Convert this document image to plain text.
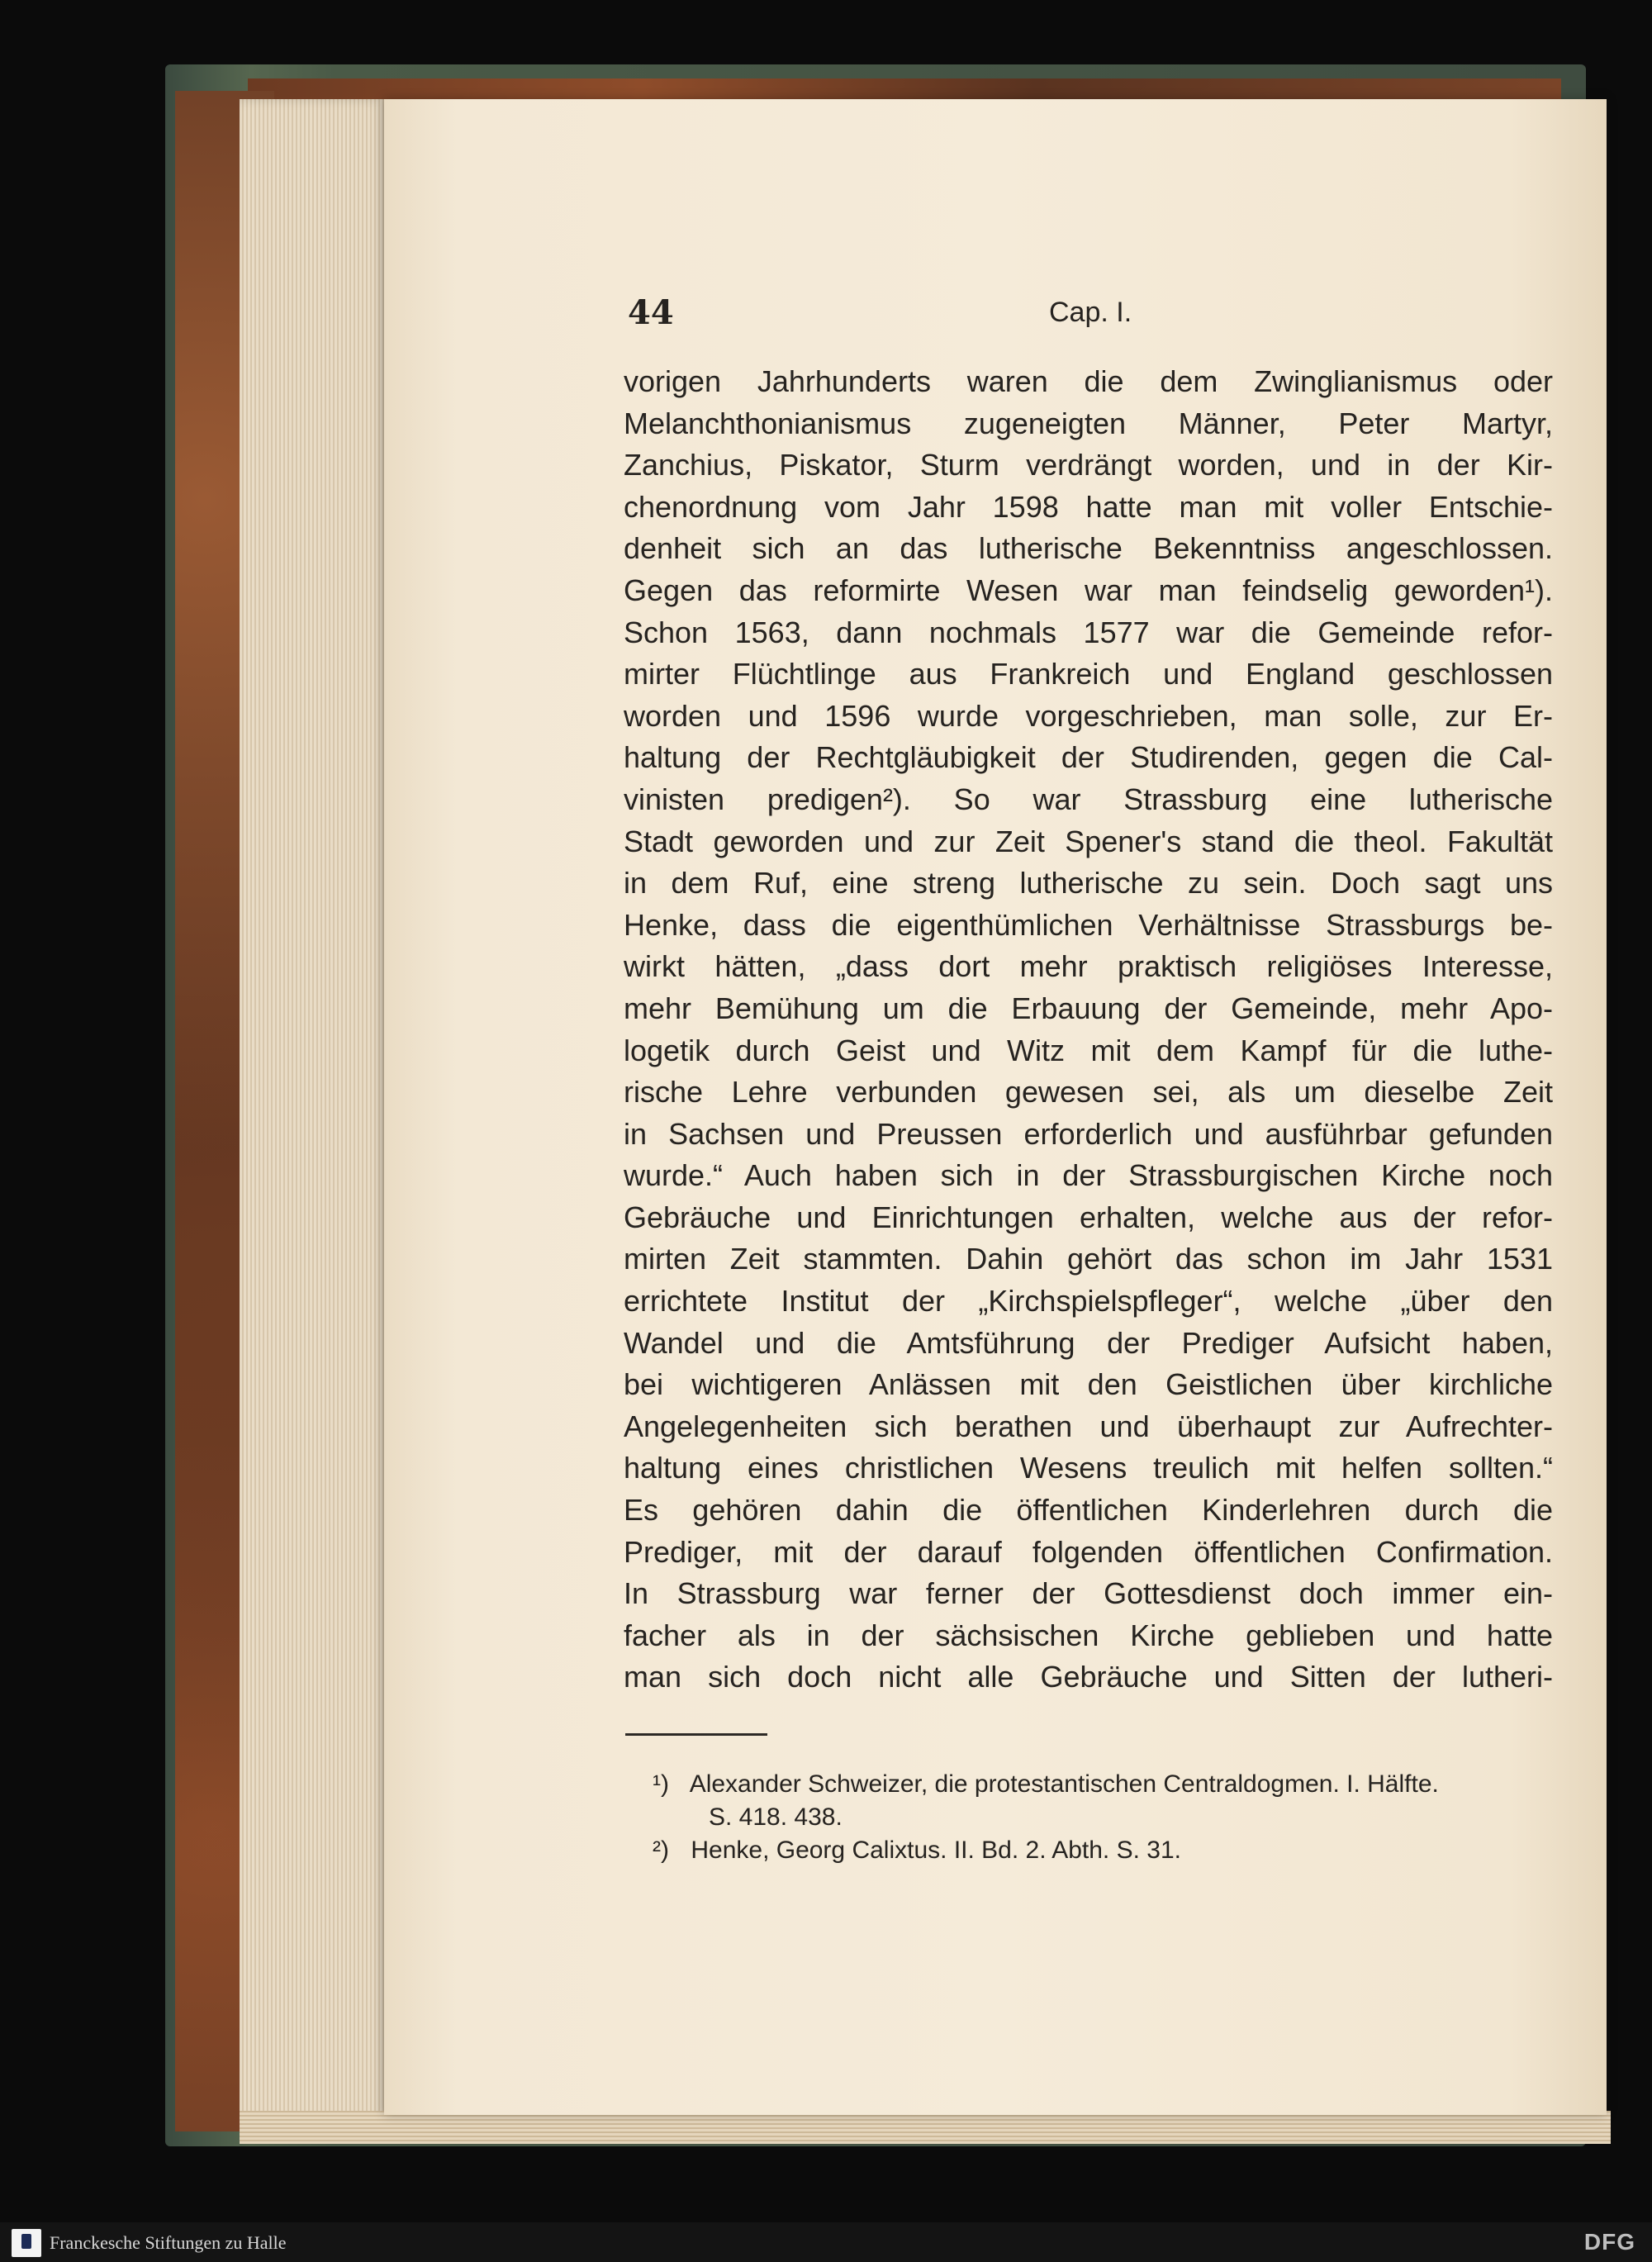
44	Cap. I.
vorigen Jahrhunderts waren die dem Zwinglianismus oder
Melanchthonianismus zugeneigten Männer, Peter Martyr,
Zanchius, Piskator, Sturm verdrängt worden, und in der Kir-
chenordnung vom Jahr 1598 hatte man mit voller Entschie-
denheit sich an das lutherische Bekenntniss angeschlossen.
Gegen das reformirte Wesen war man feindselig geworden¹).
Schon 1563, dann nochmals 1577 war die Gemeinde refor-
mirter Flüchtlinge aus Frankreich und England geschlossen
worden und 1596 wurde vorgeschrieben, man solle, zur Er-
haltung der Rechtgläubigkeit der Studirenden, gegen die Cal-
vinisten predigen²). So war Strassburg eine lutherische
Stadt geworden und zur Zeit Spener's stand die theol. Fakultät
in dem Ruf, eine streng lutherische zu sein. Doch sagt uns
Henke, dass die eigenthümlichen Verhältnisse Strassburgs be-
wirkt hätten, „dass dort mehr praktisch religiöses Interesse,
mehr Bemühung um die Erbauung der Gemeinde, mehr Apo-
logetik durch Geist und Witz mit dem Kampf für die luthe-
rische Lehre verbunden gewesen sei, als um dieselbe Zeit
in Sachsen und Preussen erforderlich und ausführbar gefunden
wurde.“ Auch haben sich in der Strassburgischen Kirche noch
Gebräuche und Einrichtungen erhalten, welche aus der refor-
mirten Zeit stammten. Dahin gehört das schon im Jahr 1531
errichtete Institut der „Kirchspielspfleger“, welche „über den
Wandel und die Amtsführung der Prediger Aufsicht haben,
bei wichtigeren Anlässen mit den Geistlichen über kirchliche
Angelegenheiten sich berathen und überhaupt zur Aufrechter-
haltung eines christlichen Wesens treulich mit helfen sollten.“
Es gehören dahin die öffentlichen Kinderlehren durch die
Prediger, mit der darauf folgenden öffentlichen Confirmation.
In Strassburg war ferner der Gottesdienst doch immer ein-
facher als in der sächsischen Kirche geblieben und hatte
man sich doch nicht alle Gebräuche und Sitten der lutheri-
¹) Alexander Schweizer, die protestantischen Centraldogmen. I. Hälfte.
S. 418. 438.
²) Henke, Georg Calixtus. II. Bd. 2. Abth. S. 31.
Franckesche Stiftungen zu Halle	DFG
